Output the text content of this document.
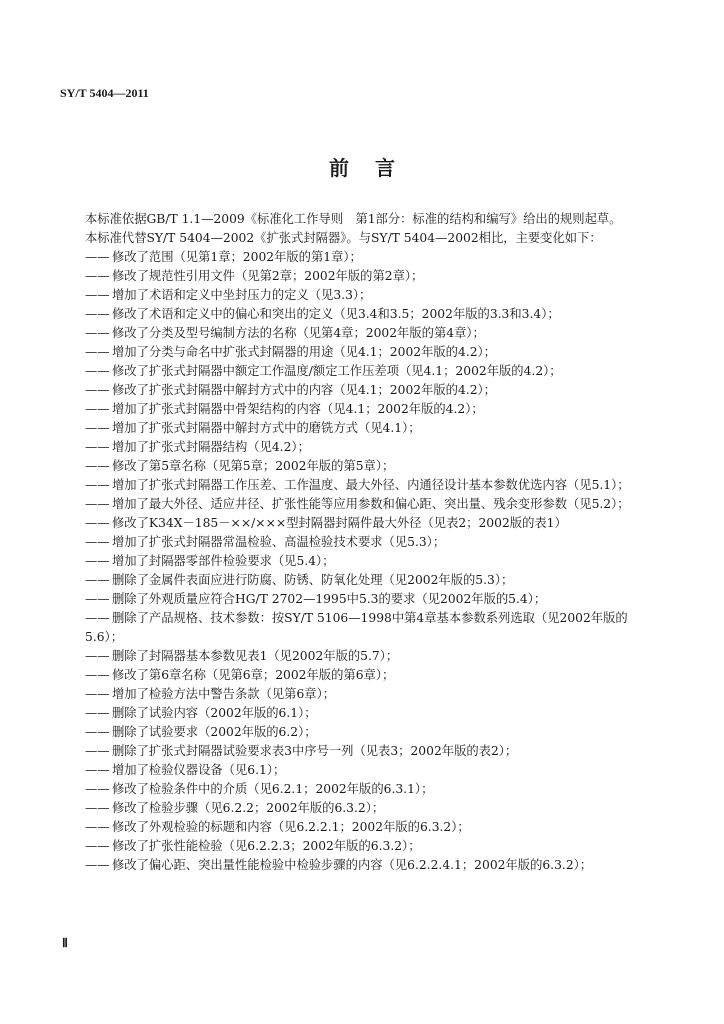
SY/T 5404—2011
前言

本标准依据GB/T 1.1—2009《标准化工作导则　第1部分：标准的结构和编写》给出的规则起草。

本标准代替SY/T 5404—2002《扩张式封隔器》。与SY/T 5404—2002相比，主要变化如下：

—— 修改了范围（见第1章；2002年版的第1章）；
—— 修改了规范性引用文件（见第2章；2002年版的第2章）；
—— 增加了术语和定义中坐封压力的定义（见3.3）；
—— 修改了术语和定义中的偏心和突出的定义（见3.4和3.5；2002年版的3.3和3.4）；
—— 修改了分类及型号编制方法的名称（见第4章；2002年版的第4章）；
—— 增加了分类与命名中扩张式封隔器的用途（见4.1；2002年版的4.2）；
—— 修改了扩张式封隔器中额定工作温度/额定工作压差项（见4.1；2002年版的4.2）；
—— 修改了扩张式封隔器中解封方式中的内容（见4.1；2002年版的4.2）；
—— 增加了扩张式封隔器中骨架结构的内容（见4.1；2002年版的4.2）；
—— 增加了扩张式封隔器中解封方式中的磨铣方式（见4.1）；
—— 增加了扩张式封隔器结构（见4.2）；
—— 修改了第5章名称（见第5章；2002年版的第5章）；
—— 增加了扩张式封隔器工作压差、工作温度、最大外径、内通径设计基本参数优选内容（见5.1）；
—— 增加了最大外径、适应井径、扩张性能等应用参数和偏心距、突出量、残余变形参数（见5.2）；
—— 修改了K34X－185－××/×××型封隔器封隔件最大外径（见表2；2002版的表1）
—— 增加了扩张式封隔器常温检验、高温检验技术要求（见5.3）；
—— 增加了封隔器零部件检验要求（见5.4）；
—— 删除了金属件表面应进行防腐、防锈、防氧化处理（见2002年版的5.3）；
—— 删除了外观质量应符合HG/T 2702—1995中5.3的要求（见2002年版的5.4）；
—— 删除了产品规格、技术参数：按SY/T 5106—1998中第4章基本参数系列选取（见2002年版的5.6）；
—— 删除了封隔器基本参数见表1（见2002年版的5.7）；
—— 修改了第6章名称（见第6章；2002年版的第6章）；
—— 增加了检验方法中警告条款（见第6章）；
—— 删除了试验内容（2002年版的6.1）；
—— 删除了试验要求（2002年版的6.2）；
—— 删除了扩张式封隔器试验要求表3中序号一列（见表3；2002年版的表2）；
—— 增加了检验仪器设备（见6.1）；
—— 修改了检验条件中的介质（见6.2.1；2002年版的6.3.1）；
—— 修改了检验步骤（见6.2.2；2002年版的6.3.2）；
—— 修改了外观检验的标题和内容（见6.2.2.1；2002年版的6.3.2）；
—— 修改了扩张性能检验（见6.2.2.3；2002年版的6.3.2）；
—— 修改了偏心距、突出量性能检验中检验步骤的内容（见6.2.2.4.1；2002年版的6.3.2）；
Ⅱ
